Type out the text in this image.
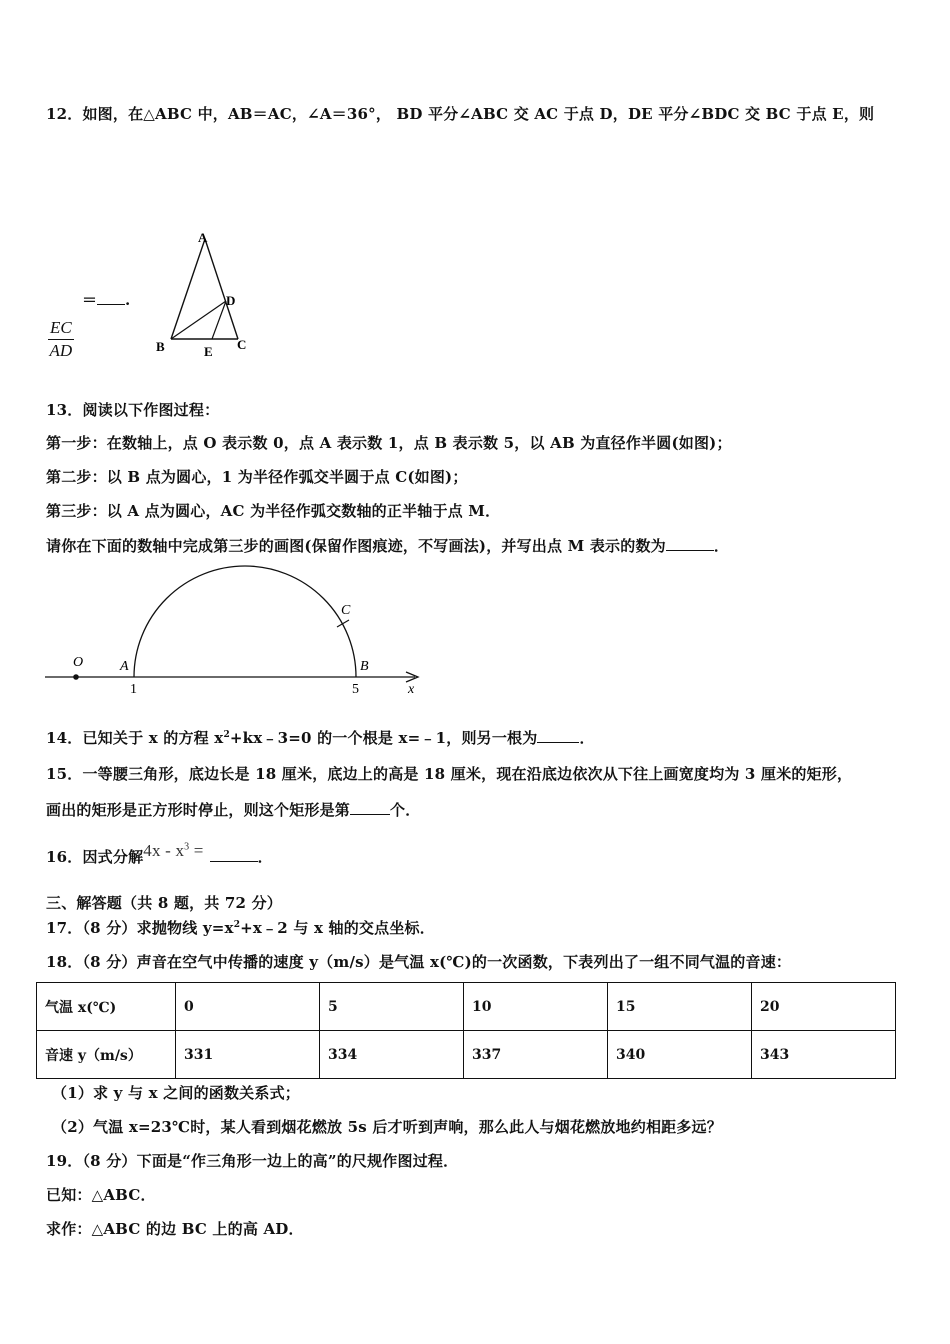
12．如图，在△ABC 中，AB＝AC，∠A＝36°， BD 平分∠ABC 交 AC 于点 D，DE 平分∠BDC 交 BC 于点 E，则
＝ .
$\frac{EC}{AD}$
A
B	C
D
E
13．阅读以下作图过程：
第一步：在数轴上，点 O 表示数 0，点 A 表示数 1，点 B 表示数 5，以 AB 为直径作半圆(如图)；
第二步：以 B 点为圆心，1 为半径作弧交半圆于点 C(如图)；
第三步：以 A 点为圆心，AC 为半径作弧交数轴的正半轴于点 M．
请你在下面的数轴中完成第三步的画图(保留作图痕迹，不写画法)，并写出点 M 表示的数为	．
O	A	B
C
x
1	5
14．已知关于 x 的方程 $x^2+kx﹣3=0$ 的一个根是 x=﹣1，则另一根为	．
15．一等腰三角形，底边长是 18 厘米，底边上的高是 18 厘米，现在沿底边依次从下往上画宽度均为 3 厘米的矩形，
画出的矩形是正方形时停止，则这个矩形是第	个．
16．因式分解$4x - x^3$ =	．
三、解答题（共 8 题，共 72 分）
17．（8 分）求抛物线 $y=x^2+x﹣2$ 与 x 轴的交点坐标．
18．（8 分）声音在空气中传播的速度 y（m/s）是气温 x(℃)的一次函数，下表列出了一组不同气温的音速：
气温 x(℃)	0	5	10	15	20
音速 y（m/s）	331	334	337	340	343
（1）求 y 与 x 之间的函数关系式；
（2）气温 x=23℃时，某人看到烟花燃放 5s 后才听到声响，那么此人与烟花燃放地约相距多远？
19．（8 分）下面是“作三角形一边上的高”的尺规作图过程．
已知：△ABC．
求作：△ABC 的边 BC 上的高 AD．
